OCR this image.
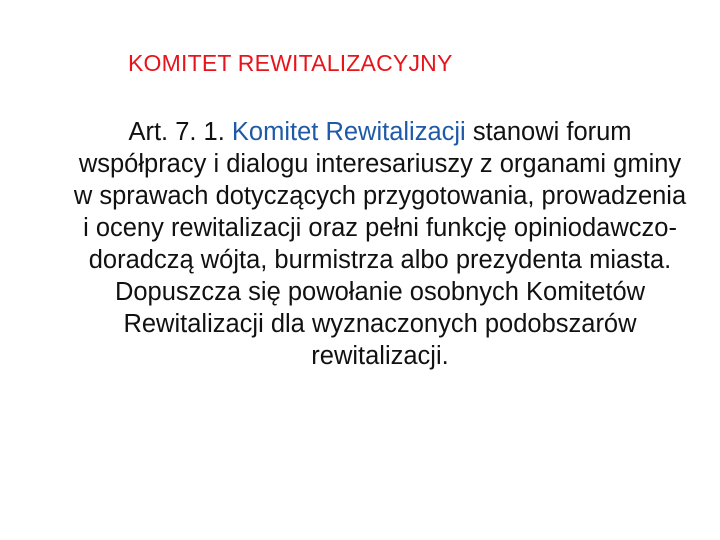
KOMITET REWITALIZACYJNY

Art. 7. 1. Komitet Rewitalizacji stanowi forum współpracy i dialogu interesariuszy z organami gminy w sprawach dotyczących przygotowania, prowadzenia i oceny rewitalizacji oraz pełni funkcję opiniodawczo-doradczą wójta, burmistrza albo prezydenta miasta. Dopuszcza się powołanie osobnych Komitetów Rewitalizacji dla wyznaczonych podobszarów rewitalizacji.
